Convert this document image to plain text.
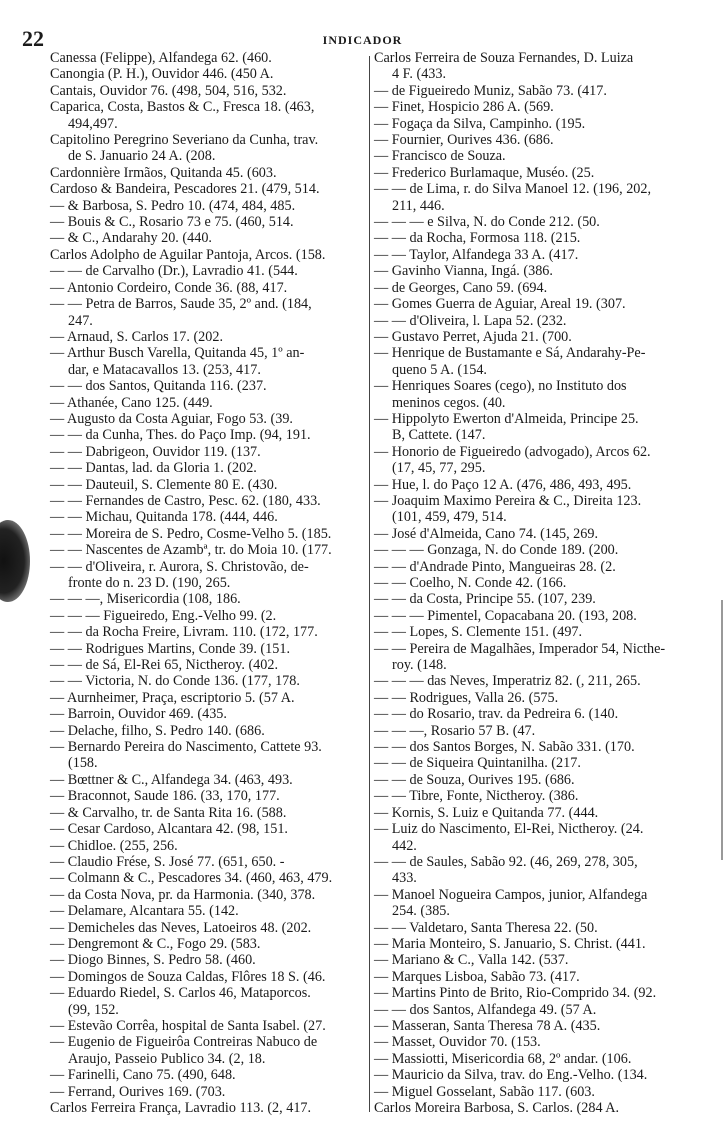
22	INDICADOR
Canessa (Felippe), Alfandega 62. (460.
Canongia (P. H.), Ouvidor 446. (450 A.
Cantais, Ouvidor 76. (498, 504, 516, 532.
Caparica, Costa, Bastos & C., Fresca 18. (463,
494,497.
Capitolino Peregrino Severiano da Cunha, trav.
de S. Januario 24 A. (208.
Cardonnière Irmãos, Quitanda 45. (603.
Cardoso & Bandeira, Pescadores 21. (479, 514.
— & Barbosa, S. Pedro 10. (474, 484, 485.
— Bouis & C., Rosario 73 e 75. (460, 514.
— & C., Andarahy 20. (440.
Carlos Adolpho de Aguilar Pantoja, Arcos. (158.
— — de Carvalho (Dr.), Lavradio 41. (544.
— Antonio Cordeiro, Conde 36. (88, 417.
— — Petra de Barros, Saude 35, 2º and. (184,
247.
— Arnaud, S. Carlos 17. (202.
— Arthur Busch Varella, Quitanda 45, 1º an-
dar, e Matacavallos 13. (253, 417.
— — dos Santos, Quitanda 116. (237.
— Athanée, Cano 125. (449.
— Augusto da Costa Aguiar, Fogo 53. (39.
— — da Cunha, Thes. do Paço Imp. (94, 191.
— — Dabrigeon, Ouvidor 119. (137.
— — Dantas, lad. da Gloria 1. (202.
— — Dauteuil, S. Clemente 80 E. (430.
— — Fernandes de Castro, Pesc. 62. (180, 433.
— — Michau, Quitanda 178. (444, 446.
— — Moreira de S. Pedro, Cosme-Velho 5. (185.
— — Nascentes de Azambª, tr. do Moia 10. (177.
— — d'Oliveira, r. Aurora, S. Christovão, de-
fronte do n. 23 D. (190, 265.
— — —, Misericordia (108, 186.
— — — Figueiredo, Eng.-Velho 99. (2.
— — da Rocha Freire, Livram. 110. (172, 177.
— — Rodrigues Martins, Conde 39. (151.
— — de Sá, El-Rei 65, Nictheroy. (402.
— — Victoria, N. do Conde 136. (177, 178.
— Aurnheimer, Praça, escriptorio 5. (57 A.
— Barroin, Ouvidor 469. (435.
— Delache, filho, S. Pedro 140. (686.
— Bernardo Pereira do Nascimento, Cattete 93.
(158.
— Bœttner & C., Alfandega 34. (463, 493.
— Braconnot, Saude 186. (33, 170, 177.
— & Carvalho, tr. de Santa Rita 16. (588.
— Cesar Cardoso, Alcantara 42. (98, 151.
— Chidloe. (255, 256.
— Claudio Frése, S. José 77. (651, 650. -
— Colmann & C., Pescadores 34. (460, 463, 479.
— da Costa Nova, pr. da Harmonia. (340, 378.
— Delamare, Alcantara 55. (142.
— Demicheles das Neves, Latoeiros 48. (202.
— Dengremont & C., Fogo 29. (583.
— Diogo Binnes, S. Pedro 58. (460.
— Domingos de Souza Caldas, Flôres 18 S. (46.
— Eduardo Riedel, S. Carlos 46, Mataporcos.
(99, 152.
— Estevão Corrêa, hospital de Santa Isabel. (27.
— Eugenio de Figueirôa Contreiras Nabuco de
Araujo, Passeio Publico 34. (2, 18.
— Farinelli, Cano 75. (490, 648.
— Ferrand, Ourives 169. (703.
Carlos Ferreira França, Lavradio 113. (2, 417.
Carlos Ferreira de Souza Fernandes, D. Luiza
4 F. (433.
— de Figueiredo Muniz, Sabão 73. (417.
— Finet, Hospicio 286 A. (569.
— Fogaça da Silva, Campinho. (195.
— Fournier, Ourives 436. (686.
— Francisco de Souza.
— Frederico Burlamaque, Muséo. (25.
— — de Lima, r. do Silva Manoel 12. (196, 202,
211, 446.
— — — e Silva, N. do Conde 212. (50.
— — da Rocha, Formosa 118. (215.
— — Taylor, Alfandega 33 A. (417.
— Gavinho Vianna, Ingá. (386.
— de Georges, Cano 59. (694.
— Gomes Guerra de Aguiar, Areal 19. (307.
— — d'Oliveira, l. Lapa 52. (232.
— Gustavo Perret, Ajuda 21. (700.
— Henrique de Bustamante e Sá, Andarahy-Pe-
queno 5 A. (154.
— Henriques Soares (cego), no Instituto dos
meninos cegos. (40.
— Hippolyto Ewerton d'Almeida, Principe 25.
B, Cattete. (147.
— Honorio de Figueiredo (advogado), Arcos 62.
(17, 45, 77, 295.
— Hue, l. do Paço 12 A. (476, 486, 493, 495.
— Joaquim Maximo Pereira & C., Direita 123.
(101, 459, 479, 514.
— José d'Almeida, Cano 74. (145, 269.
— — — Gonzaga, N. do Conde 189. (200.
— — d'Andrade Pinto, Mangueiras 28. (2.
— — Coelho, N. Conde 42. (166.
— — da Costa, Principe 55. (107, 239.
— — — Pimentel, Copacabana 20. (193, 208.
— — Lopes, S. Clemente 151. (497.
— — Pereira de Magalhães, Imperador 54, Nicthe-
roy. (148.
— — — das Neves, Imperatriz 82. (, 211, 265.
— — Rodrigues, Valla 26. (575.
— — do Rosario, trav. da Pedreira 6. (140.
— — —, Rosario 57 B. (47.
— — dos Santos Borges, N. Sabão 331. (170.
— — de Siqueira Quintanilha. (217.
— — de Souza, Ourives 195. (686.
— — Tibre, Fonte, Nictheroy. (386.
— Kornis, S. Luiz e Quitanda 77. (444.
— Luiz do Nascimento, El-Rei, Nictheroy. (24.
442.
— — de Saules, Sabão 92. (46, 269, 278, 305,
433.
— Manoel Nogueira Campos, junior, Alfandega
254. (385.
— — Valdetaro, Santa Theresa 22. (50.
— Maria Monteiro, S. Januario, S. Christ. (441.
— Mariano & C., Valla 142. (537.
— Marques Lisboa, Sabão 73. (417.
— Martins Pinto de Brito, Rio-Comprido 34. (92.
— — dos Santos, Alfandega 49. (57 A.
— Masseran, Santa Theresa 78 A. (435.
— Masset, Ouvidor 70. (153.
— Massiotti, Misericordia 68, 2º andar. (106.
— Mauricio da Silva, trav. do Eng.-Velho. (134.
— Miguel Gosselant, Sabão 117. (603.
Carlos Moreira Barbosa, S. Carlos. (284 A.
